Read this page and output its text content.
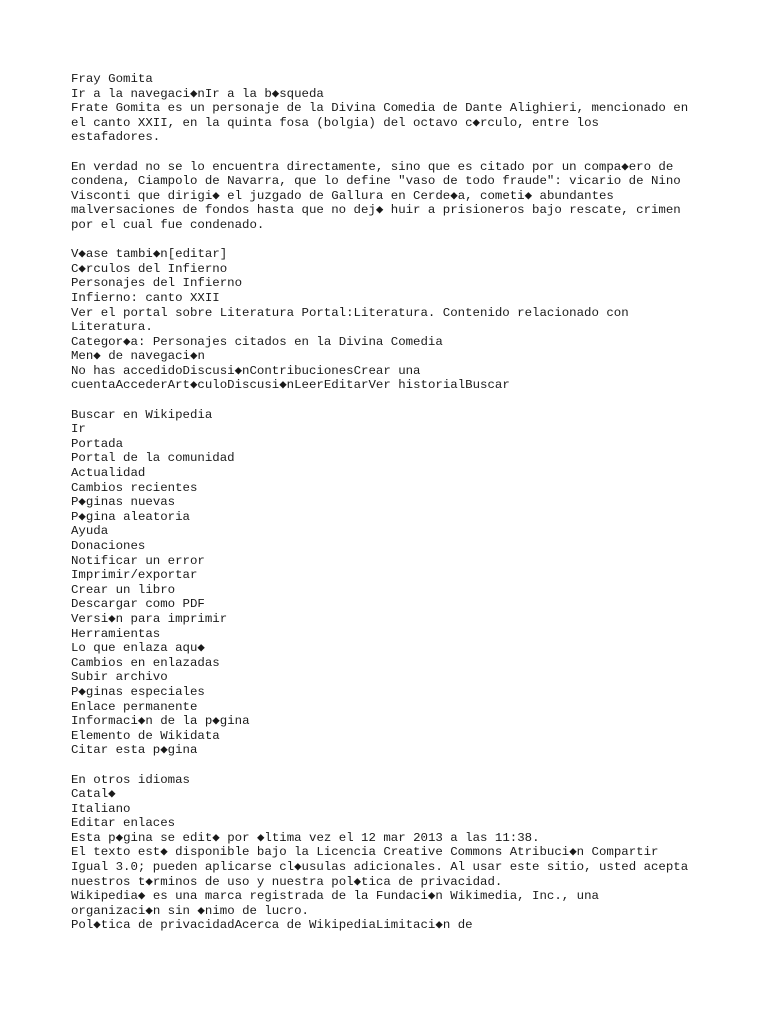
Fray Gomita
Ir a la navegaci◆nIr a la b◆squeda
Frate Gomita es un personaje de la Divina Comedia de Dante Alighieri, mencionado en
el canto XXII, en la quinta fosa (bolgia) del octavo c◆rculo, entre los
estafadores.
En verdad no se lo encuentra directamente, sino que es citado por un compa◆ero de
condena, Ciampolo de Navarra, que lo define "vaso de todo fraude": vicario de Nino
Visconti que dirigi◆ el juzgado de Gallura en Cerde◆a, cometi◆ abundantes
malversaciones de fondos hasta que no dej◆ huir a prisioneros bajo rescate, crimen
por el cual fue condenado.
V◆ase tambi◆n[editar]
C◆rculos del Infierno
Personajes del Infierno
Infierno: canto XXII
Ver el portal sobre Literatura Portal:Literatura. Contenido relacionado con
Literatura.
Categor◆a: Personajes citados en la Divina Comedia
Men◆ de navegaci◆n
No has accedidoDiscusi◆nContribucionesCrear una
cuentaAccederArt◆culoDiscusi◆nLeerEditarVer historialBuscar
Buscar en Wikipedia
Ir
Portada
Portal de la comunidad
Actualidad
Cambios recientes
P◆ginas nuevas
P◆gina aleatoria
Ayuda
Donaciones
Notificar un error
Imprimir/exportar
Crear un libro
Descargar como PDF
Versi◆n para imprimir
Herramientas
Lo que enlaza aqu◆
Cambios en enlazadas
Subir archivo
P◆ginas especiales
Enlace permanente
Informaci◆n de la p◆gina
Elemento de Wikidata
Citar esta p◆gina
En otros idiomas
Catal◆
Italiano
Editar enlaces
Esta p◆gina se edit◆ por ◆ltima vez el 12 mar 2013 a las 11:38.
El texto est◆ disponible bajo la Licencia Creative Commons Atribuci◆n Compartir
Igual 3.0; pueden aplicarse cl◆usulas adicionales. Al usar este sitio, usted acepta
nuestros t◆rminos de uso y nuestra pol◆tica de privacidad.
Wikipedia◆ es una marca registrada de la Fundaci◆n Wikimedia, Inc., una
organizaci◆n sin ◆nimo de lucro.
Pol◆tica de privacidadAcerca de WikipediaLimitaci◆n de
